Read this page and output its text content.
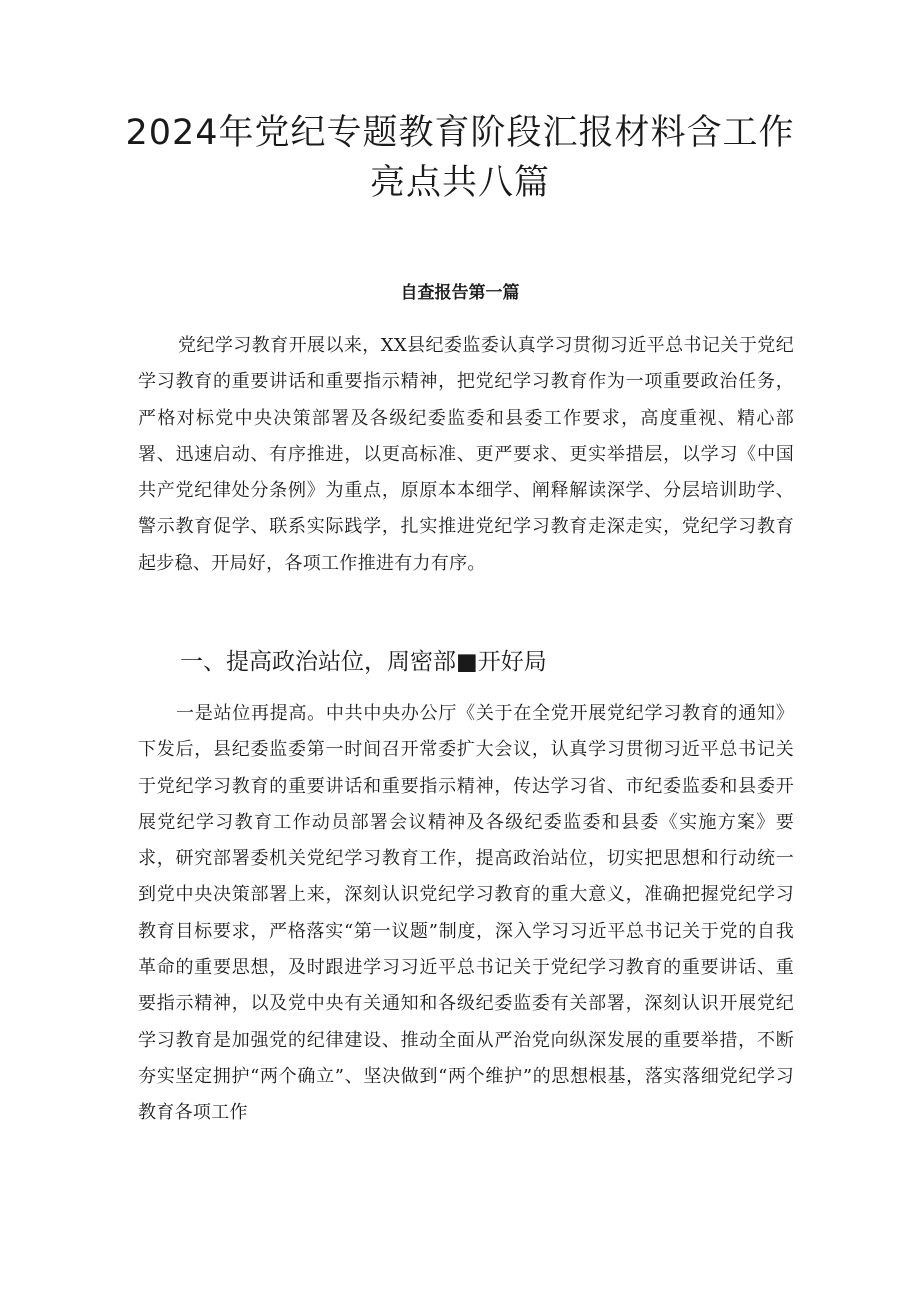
2024年党纪专题教育阶段汇报材料含工作
亮点共八篇
自查报告第一篇

党纪学习教育开展以来，XX县纪委监委认真学习贯彻习近平总书记关于党纪学习教育的重要讲话和重要指示精神，把党纪学习教育作为一项重要政治任务，严格对标党中央决策部署及各级纪委监委和县委工作要求，高度重视、精心部署、迅速启动、有序推进，以更高标准、更严要求、更实举措层，以学习《中国共产党纪律处分条例》为重点，原原本本细学、阐释解读深学、分层培训助学、警示教育促学、联系实际践学，扎实推进党纪学习教育走深走实，党纪学习教育起步稳、开局好，各项工作推进有力有序。

一、提高政治站位，周密部■开好局

一是站位再提高。中共中央办公厅《关于在全党开展党纪学习教育的通知》下发后，县纪委监委第一时间召开常委扩大会议，认真学习贯彻习近平总书记关于党纪学习教育的重要讲话和重要指示精神，传达学习省、市纪委监委和县委开展党纪学习教育工作动员部署会议精神及各级纪委监委和县委《实施方案》要求，研究部署委机关党纪学习教育工作，提高政治站位，切实把思想和行动统一到党中央决策部署上来，深刻认识党纪学习教育的重大意义，准确把握党纪学习教育目标要求，严格落实“第一议题”制度，深入学习习近平总书记关于党的自我革命的重要思想，及时跟进学习习近平总书记关于党纪学习教育的重要讲话、重要指示精神，以及党中央有关通知和各级纪委监委有关部署，深刻认识开展党纪学习教育是加强党的纪律建设、推动全面从严治党向纵深发展的重要举措，不断夯实坚定拥护“两个确立”、坚决做到“两个维护”的思想根基，落实落细党纪学习教育各项工作
